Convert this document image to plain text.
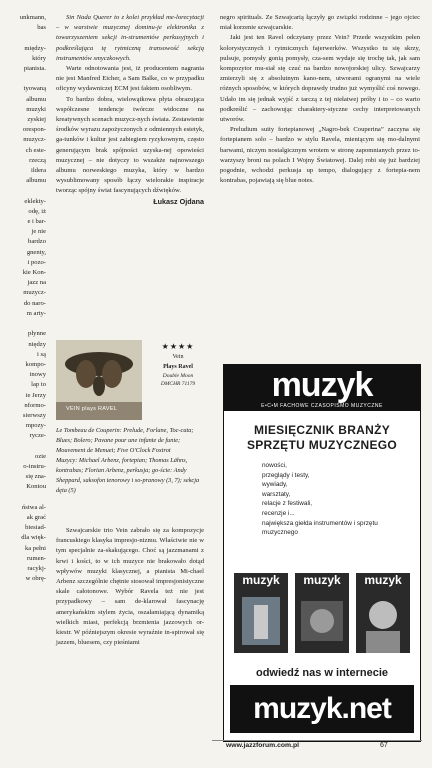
unkmann,
bas

między-
który
pianista.

tyowaną
albumu
muzyki
zyskiej
orespon-
muzycz-
ch este-
rzeczą
ildera
albumu

eklekty-
odę, iż
e i bar-
je nie
bardzo
gnenty,
i pozo-
kie Kon-
jazz na
muzycz-
do naro-
m arty-

płynne
niędzy
i są
kompo-
inowy
lap to
ie Jerzy
nformo-
sierwszy
mpozy-
rycze-

ozie
o-instru-
się zna-
Kontou

ństwa al-
ak grać
biesiad-
dla więk-
ka pełni
rumen-
racykj-
w obrę-

Sin Nada Querer to z kolei przykład me-lorecytacji – w warstwie muzycznej dominu-je elektronika z towarzyszeniem sekcji in-strumentów perkusyjnych i podkreślająca tę rytmiczną transowość sekcją instrumentów smyczkowych.

Warte odnotowania jest, iż producentem nagrania nie jest Manfred Eicher, a Sam Balke, co w przypadku oficyny wydawniczej ECM jest faktem osobliwym.

To bardzo dobra, wielowątkowa płyta obrazująca współczesne tendencje twórcze widoczne na kreatywnych scenach muzycz-nych świata. Zestawienie środków wyrazu zapożyczonych z odmiennych estetyk, ga-tunków i kultur jest zabiegiem ryzykownym, często generującym brak spójności uzyska-nej opowieści muzycznej – nie dotyczy to wszakże najnowszego albumu norweskiego muzyka, który w bardzo wysublimowany sposób łączy wielorakie inspiracje tworząc spójny świat fascynujących dźwięków.

Łukasz Ojdana

VEIN plays RAVEL
★★★★
Vein
Plays Ravel
Double Moon
DMCHR 71179

Le Tombeau de Couperin: Prelude, Forlane, Toc-cata; Blues; Bolero; Pavane pour une infante de funte; Mouvement de Menuet; Five O'Clock Foxtrot

Muzycy: Michael Arbenz, fortepian; Thomas Lähns, kontrabas; Florian Arbenz, perkusja; go-ście: Andy Sheppard, saksofon tenorowy i so-pranowy (3, 7); sekcja dęta (5)

Szwajcarskie trio Vein zabrało się za kompozycje francuskiego klasyka impresjo-nizmu. Właściwie nie w tym specjalnie za-skakującego. Choć są jazzmanami z krwi i kości, to w ich muzyce nie brakowało dotąd wpływów muzyki klasycznej, a pianista Mi-chael Arbenz szczególnie chętnie stosował impresjonistyczne skale całotonowe. Wybór Ravela też nie jest przypadkowy – sam de-klarował fascynację amerykańskim stylem życia, oszałamiającą dynamiką wielkich miast, perfekcją brzmienia jazzowych or-kiestr. W późniejszym okresie wyraźnie in-spirował się jazzem, bluesem, czy pieśniami

negro spirituals. Ze Szwajcarią łączyły go związki rodzinne – jego ojciec miał korzenie szwajcarskie.

Jaki jest ten Ravel odczytany przez Vein? Przede wszystkim pełen kolorystycznych i rytmicznych fajerwerków. Wszystko tu się skrzy, pulsuje, pomysły gonią pomysły, cza-sem wydaje się trochę tak, jak sam kompozytor mu-siał się czuć na bardzo nowojorskiej ulicy. Szwajcarzy zmierzyli się z absolutnym kano-nem, utworami ogranymi na wiele różnych sposobów, w których doprawdy trudno już wymyślić coś nowego. Udało im się jednak wyjść z tarczą z tej niełatwej próby i to – co warto podkreślić – zachowując charaktery-styczne cechy interpretowanych utworów.

Preludium suity fortepianowej „Nagro-bek Couperina” zaczyna się fortepianem solo – bardzo w stylu Ravela, mieniącym się mo-dalnymi barwami, niczym nostalgicznym wrotem w stronę zapomnianych przez to-warzyszy broni na polach I Wojny Światowej. Dalej robi się już bardziej pogodnie, wchodzi perkusja up tempo, dialogujący z fortepia-nem kontrabas, pojawiają się blue notes.

muzyk
E•C•M FACHOWE CZASOPISMO MUZYCZNE
MIESIĘCZNIK BRANŻY SPRZĘTU MUZYCZNEGO
nowości,
przeglądy i testy,
wywiady,
warsztaty,
relacje z festiwali,
recenzje i...
największa giełda instrumentów i sprzętu
muzycznego
muzyk	muzyk	muzyk
odwiedź nas w internecie
muzyk.net
www.jazzforum.com.pl	67
